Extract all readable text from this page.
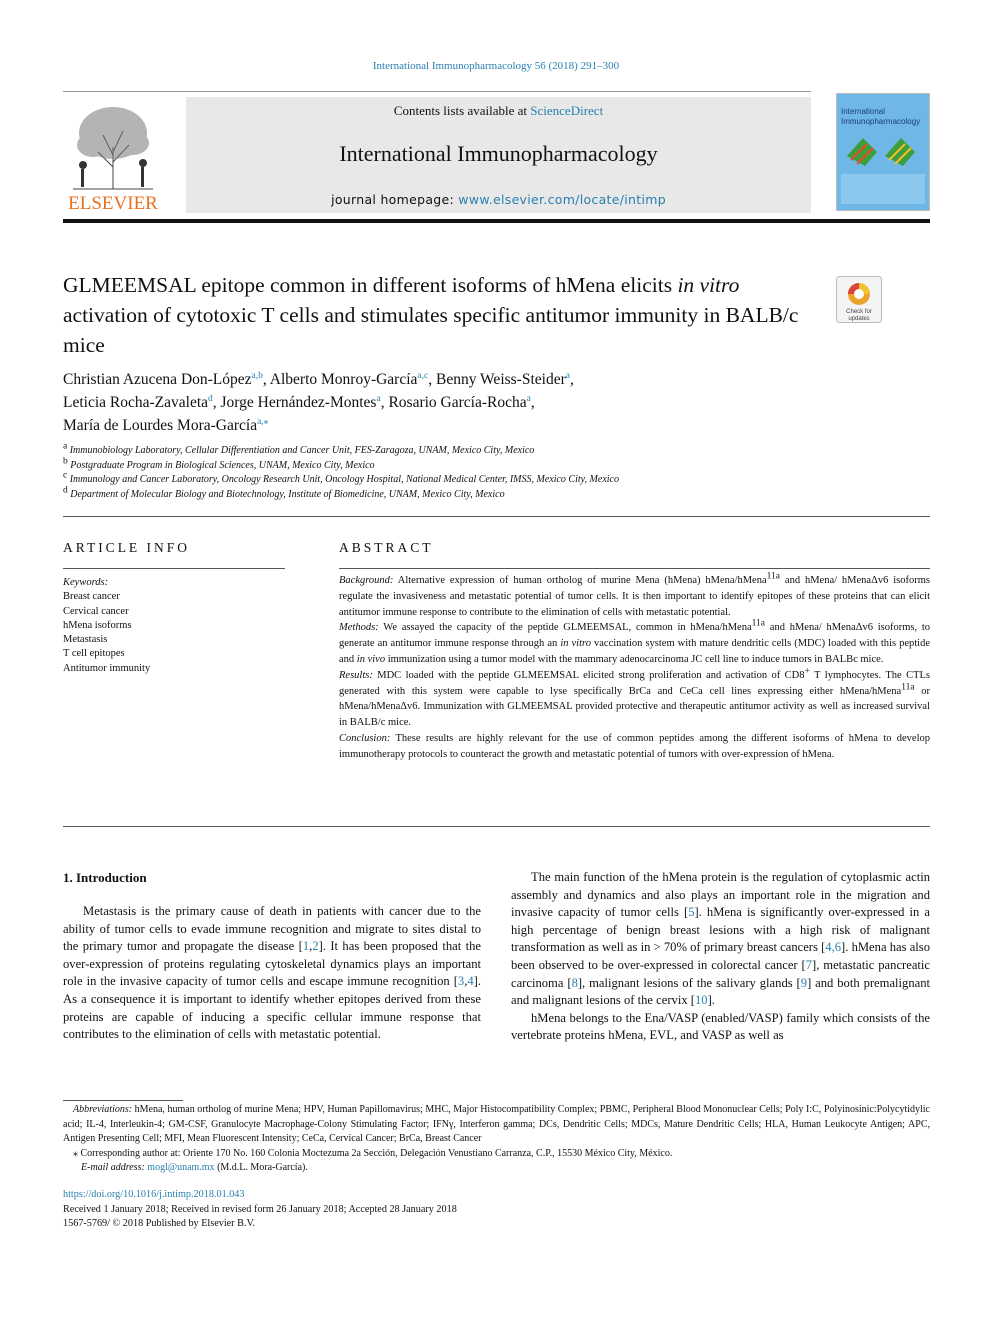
International Immunopharmacology 56 (2018) 291–300
ELSEVIER
Contents lists available at ScienceDirect
International Immunopharmacology
journal homepage: www.elsevier.com/locate/intimp
International
Immunopharmacology
GLMEEMSAL epitope common in different isoforms of hMena elicits in vitro activation of cytotoxic T cells and stimulates specific antitumor immunity in BALB/c mice
Check for
updates
Christian Azucena Don-López$^{a,b}$, Alberto Monroy-García$^{a,c}$, Benny Weiss-Steider$^a$,
Leticia Rocha-Zavaleta$^d$, Jorge Hernández-Montes$^a$, Rosario García-Rocha$^a$,
María de Lourdes Mora-García$^{a,⁎}$
$^a$ Immunobiology Laboratory, Cellular Differentiation and Cancer Unit, FES-Zaragoza, UNAM, Mexico City, Mexico
$^b$ Postgraduate Program in Biological Sciences, UNAM, Mexico City, Mexico
$^c$ Immunology and Cancer Laboratory, Oncology Research Unit, Oncology Hospital, National Medical Center, IMSS, Mexico City, Mexico
$^d$ Department of Molecular Biology and Biotechnology, Institute of Biomedicine, UNAM, Mexico City, Mexico
ARTICLE INFO
Keywords:
Breast cancer
Cervical cancer
hMena isoforms
Metastasis
T cell epitopes
Antitumor immunity
ABSTRACT

Background: Alternative expression of human ortholog of murine Mena (hMena) hMena/hMena$^{11a}$ and hMena/ hMenaΔv6 isoforms regulate the invasiveness and metastatic potential of tumor cells. It is then important to identify epitopes of these proteins that can elicit antitumor immune response to contribute to the elimination of cells with metastatic potential.

Methods: We assayed the capacity of the peptide GLMEEMSAL, common in hMena/hMena$^{11a}$ and hMena/ hMenaΔv6 isoforms, to generate an antitumor immune response through an in vitro vaccination system with mature dendritic cells (MDC) loaded with this peptide and in vivo immunization using a tumor model with the mammary adenocarcinoma JC cell line to induce tumors in BALBc mice.

Results: MDC loaded with the peptide GLMEEMSAL elicited strong proliferation and activation of CD8+ T lymphocytes. The CTLs generated with this system were capable to lyse specifically BrCa and CeCa cell lines expressing either hMena/hMena$^{11a}$ or hMena/hMenaΔv6. Immunization with GLMEEMSAL provided protective and therapeutic antitumor activity as well as increased survival in BALB/c mice.

Conclusion: These results are highly relevant for the use of common peptides among the different isoforms of hMena to develop immunotherapy protocols to counteract the growth and metastatic potential of tumors with over-expression of hMena.

1. Introduction

Metastasis is the primary cause of death in patients with cancer due to the ability of tumor cells to evade immune recognition and migrate to sites distal to the primary tumor and propagate the disease [1,2]. It has been proposed that the over-expression of proteins regulating cytoskeletal dynamics plays an important role in the invasive capacity of tumor cells and escape immune recognition [3,4]. As a consequence it is important to identify whether epitopes derived from these proteins are capable of inducing a specific cellular immune response that contributes to the elimination of cells with metastatic potential.

The main function of the hMena protein is the regulation of cytoplasmic actin assembly and dynamics and also plays an important role in the migration and invasive capacity of tumor cells [5]. hMena is significantly over-expressed in a high percentage of benign breast lesions with a high risk of malignant transformation as well as in > 70% of primary breast cancers [4,6]. hMena has also been observed to be over-expressed in colorectal cancer [7], metastatic pancreatic carcinoma [8], malignant lesions of the salivary glands [9] and both premalignant and malignant lesions of the cervix [10].

hMena belongs to the Ena/VASP (enabled/VASP) family which consists of the vertebrate proteins hMena, EVL, and VASP as well as

Abbreviations: hMena, human ortholog of murine Mena; HPV, Human Papillomavirus; MHC, Major Histocompatibility Complex; PBMC, Peripheral Blood Mononuclear Cells; Poly I:C, Polyinosinic:Polycytidylic acid; IL-4, Interleukin-4; GM-CSF, Granulocyte Macrophage-Colony Stimulating Factor; IFNγ, Interferon gamma; DCs, Dendritic Cells; MDCs, Mature Dendritic Cells; HLA, Human Leukocyte Antigen; APC, Antigen Presenting Cell; MFI, Mean Fluorescent Intensity; CeCa, Cervical Cancer; BrCa, Breast Cancer

⁎ Corresponding author at: Oriente 170 No. 160 Colonia Moctezuma 2a Sección, Delegación Venustiano Carranza, C.P., 15530 México City, México.

E-mail address: mogl@unam.mx (M.d.L. Mora-García).

https://doi.org/10.1016/j.intimp.2018.01.043

Received 1 January 2018; Received in revised form 26 January 2018; Accepted 28 January 2018

1567-5769/ © 2018 Published by Elsevier B.V.
